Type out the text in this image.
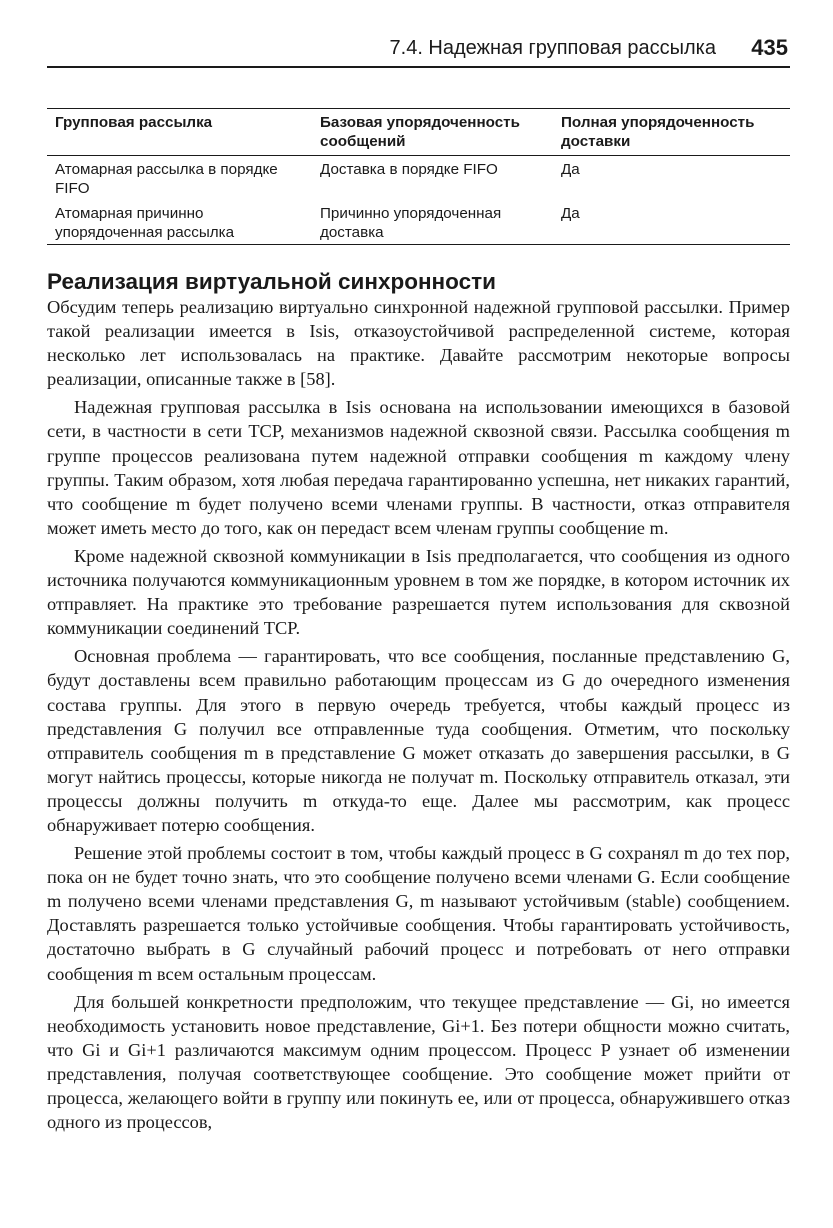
7.4. Надежная групповая рассылка 435
Групповая рассылка	Базовая упорядоченность сообщений	Полная упорядоченность доставки
Атомарная рассылка в порядке FIFO	Доставка в порядке FIFO	Да
Атомарная причинно упорядоченная рассылка	Причинно упорядоченная доставка	Да
Реализация виртуальной синхронности

Обсудим теперь реализацию виртуально синхронной надежной групповой рассылки. Пример такой реализации имеется в Isis, отказоустойчивой распределенной системе, которая несколько лет использовалась на практике. Давайте рассмотрим некоторые вопросы реализации, описанные также в [58].

Надежная групповая рассылка в Isis основана на использовании имеющихся в базовой сети, в частности в сети TCP, механизмов надежной сквозной связи. Рассылка сообщения m группе процессов реализована путем надежной отправки сообщения m каждому члену группы. Таким образом, хотя любая передача гарантированно успешна, нет никаких гарантий, что сообщение m будет получено всеми членами группы. В частности, отказ отправителя может иметь место до того, как он передаст всем членам группы сообщение m.

Кроме надежной сквозной коммуникации в Isis предполагается, что сообщения из одного источника получаются коммуникационным уровнем в том же порядке, в котором источник их отправляет. На практике это требование разрешается путем использования для сквозной коммуникации соединений TCP.

Основная проблема — гарантировать, что все сообщения, посланные представлению G, будут доставлены всем правильно работающим процессам из G до очередного изменения состава группы. Для этого в первую очередь требуется, чтобы каждый процесс из представления G получил все отправленные туда сообщения. Отметим, что поскольку отправитель сообщения m в представление G может отказать до завершения рассылки, в G могут найтись процессы, которые никогда не получат m. Поскольку отправитель отказал, эти процессы должны получить m откуда-то еще. Далее мы рассмотрим, как процесс обнаруживает потерю сообщения.

Решение этой проблемы состоит в том, чтобы каждый процесс в G сохранял m до тех пор, пока он не будет точно знать, что это сообщение получено всеми членами G. Если сообщение m получено всеми членами представления G, m называют устойчивым (stable) сообщением. Доставлять разрешается только устойчивые сообщения. Чтобы гарантировать устойчивость, достаточно выбрать в G случайный рабочий процесс и потребовать от него отправки сообщения m всем остальным процессам.

Для большей конкретности предположим, что текущее представление — Gi, но имеется необходимость установить новое представление, Gi+1. Без потери общности можно считать, что Gi и Gi+1 различаются максимум одним процессом. Процесс P узнает об изменении представления, получая соответствующее сообщение. Это сообщение может прийти от процесса, желающего войти в группу или покинуть ее, или от процесса, обнаружившего отказ одного из процессов,
